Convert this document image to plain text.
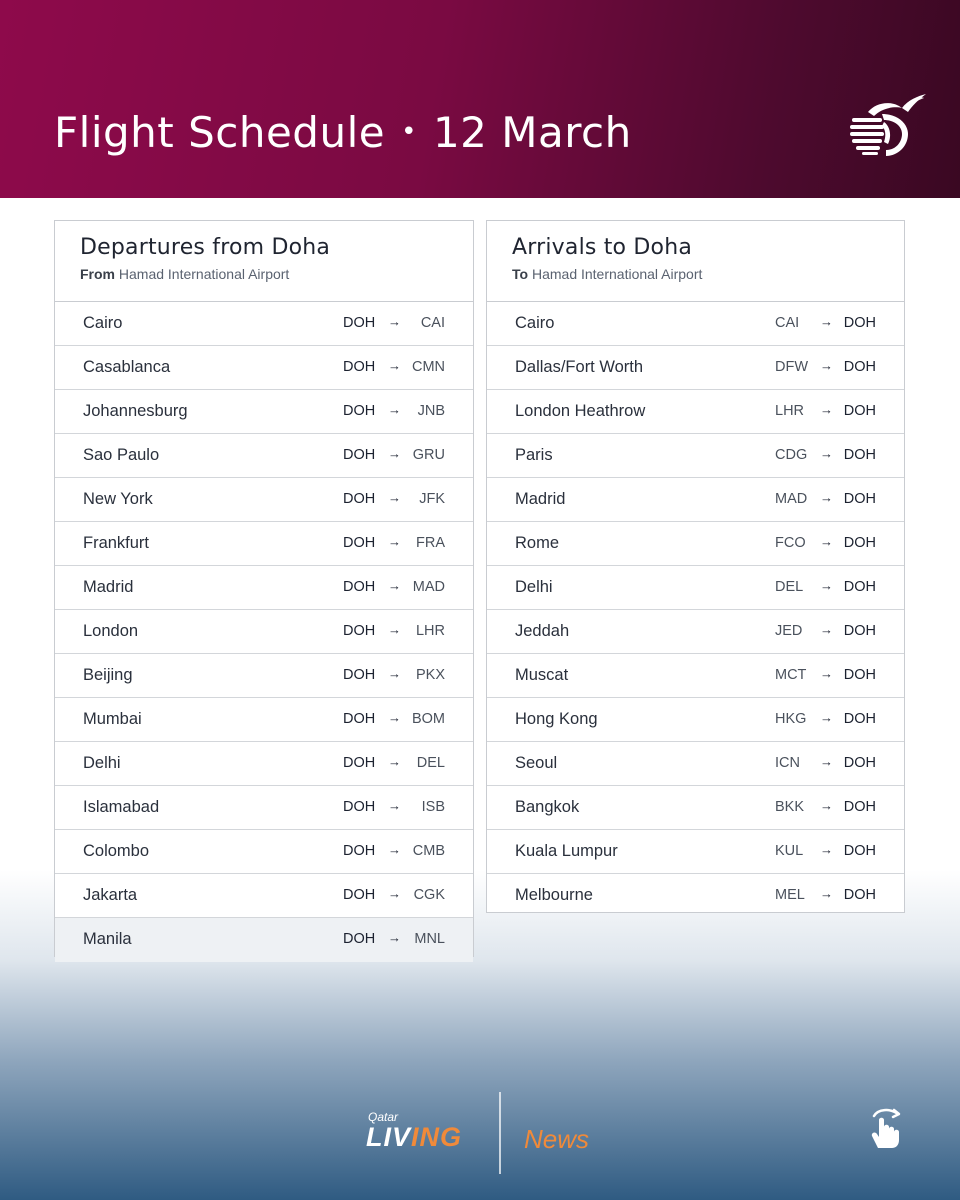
Flight Schedule • 12 March
Departures from Doha
From Hamad International Airport
Cairo	DOH → CAI
Casablanca	DOH → CMN
Johannesburg	DOH → JNB
Sao Paulo	DOH → GRU
New York	DOH → JFK
Frankfurt	DOH → FRA
Madrid	DOH → MAD
London	DOH → LHR
Beijing	DOH → PKX
Mumbai	DOH → BOM
Delhi	DOH → DEL
Islamabad	DOH → ISB
Colombo	DOH → CMB
Jakarta	DOH → CGK
Manila	DOH → MNL
Arrivals to Doha
To Hamad International Airport
Cairo	CAI → DOH
Dallas/Fort Worth	DFW → DOH
London Heathrow	LHR → DOH
Paris	CDG → DOH
Madrid	MAD → DOH
Rome	FCO → DOH
Delhi	DEL → DOH
Jeddah	JED → DOH
Muscat	MCT → DOH
Hong Kong	HKG → DOH
Seoul	ICN → DOH
Bangkok	BKK → DOH
Kuala Lumpur	KUL → DOH
Melbourne	MEL → DOH
Qatar
LIVING News
